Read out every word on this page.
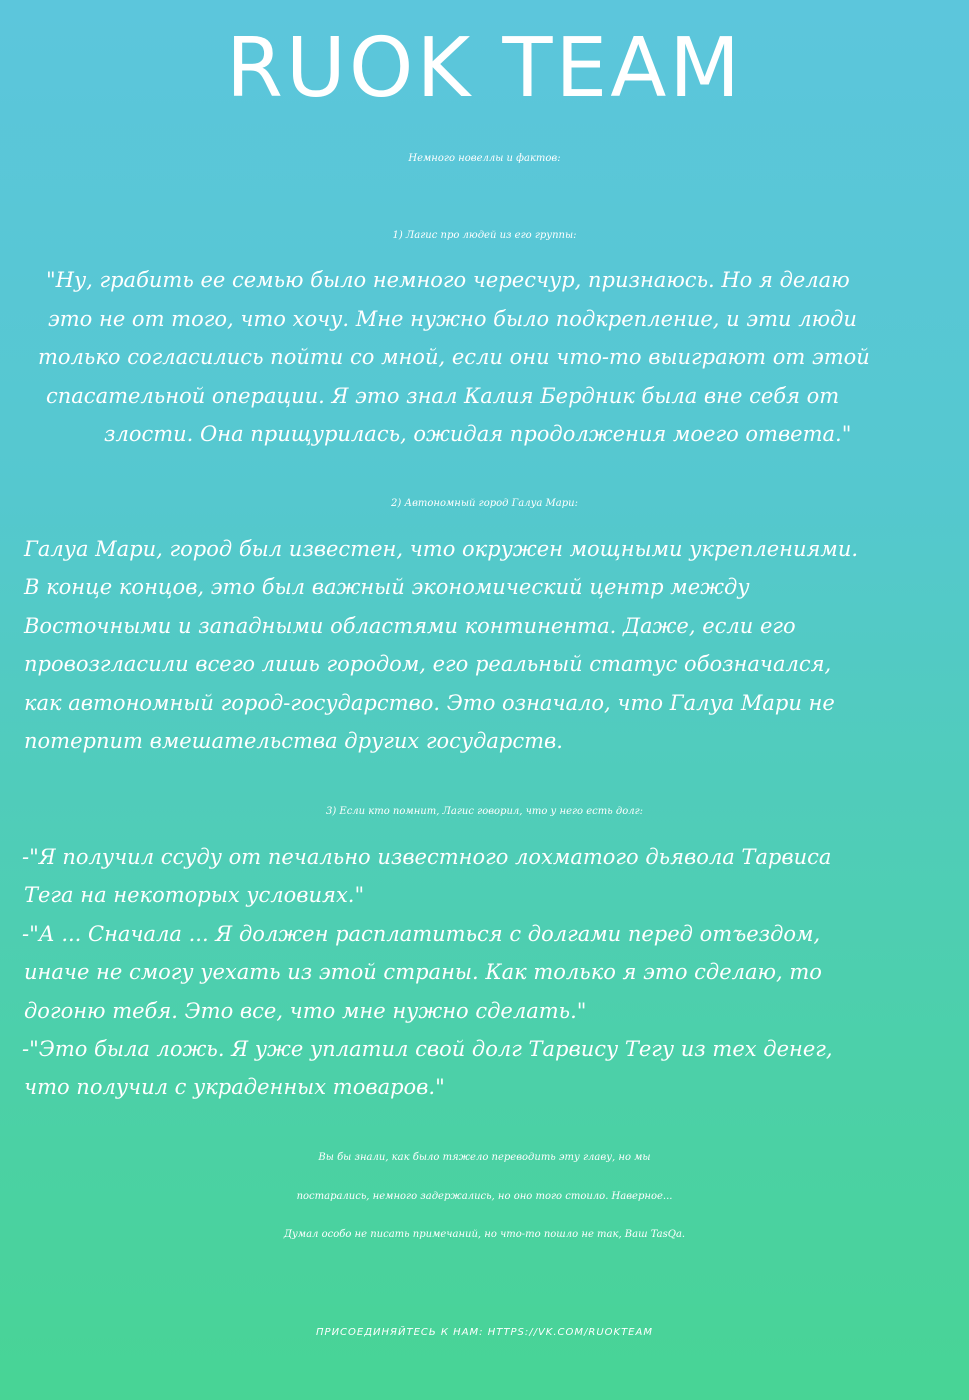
RUOK TEAM
Немного новеллы и фактов:
1) Лагис про людей из его группы:
"Ну, грабить ее семью было немного чересчур, признаюсь. Но я делаю
это не от того, что хочу. Мне нужно было подкрепление, и эти люди
только согласились пойти со мной, если они что-то выиграют от этой
спасательной операции. Я это знал Калия Бердник была вне себя от
злости. Она прищурилась, ожидая продолжения моего ответа."
2) Автономный город Галуа Мари:
Галуа Мари, город был известен, что окружен мощными укреплениями.
В конце концов, это был важный экономический центр между
Восточными и западными областями континента. Даже, если его
провозгласили всего лишь городом, его реальный статус обозначался,
как автономный город-государство. Это означало, что Галуа Мари не
потерпит вмешательства других государств.
3) Если кто помнит, Лагис говорил, что у него есть долг:
-"Я получил ссуду от печально известного лохматого дьявола Тарвиса
Тега на некоторых условиях."
-"А ... Сначала ... Я должен расплатиться с долгами перед отъездом,
иначе не смогу уехать из этой страны. Как только я это сделаю, то
догоню тебя. Это все, что мне нужно сделать."
-"Это была ложь. Я уже уплатил свой долг Тарвису Тегу из тех денег,
что получил с украденных товаров."
Вы бы знали, как было тяжело переводить эту главу, но мы
постарались, немного задержались, но оно того стоило. Наверное...
Думал особо не писать примечаний, но что-то пошло не так, Ваш TasQa.
ПРИСОЕДИНЯЙТЕСЬ К НАМ: HTTPS://VK.COM/RUOKTEAM
